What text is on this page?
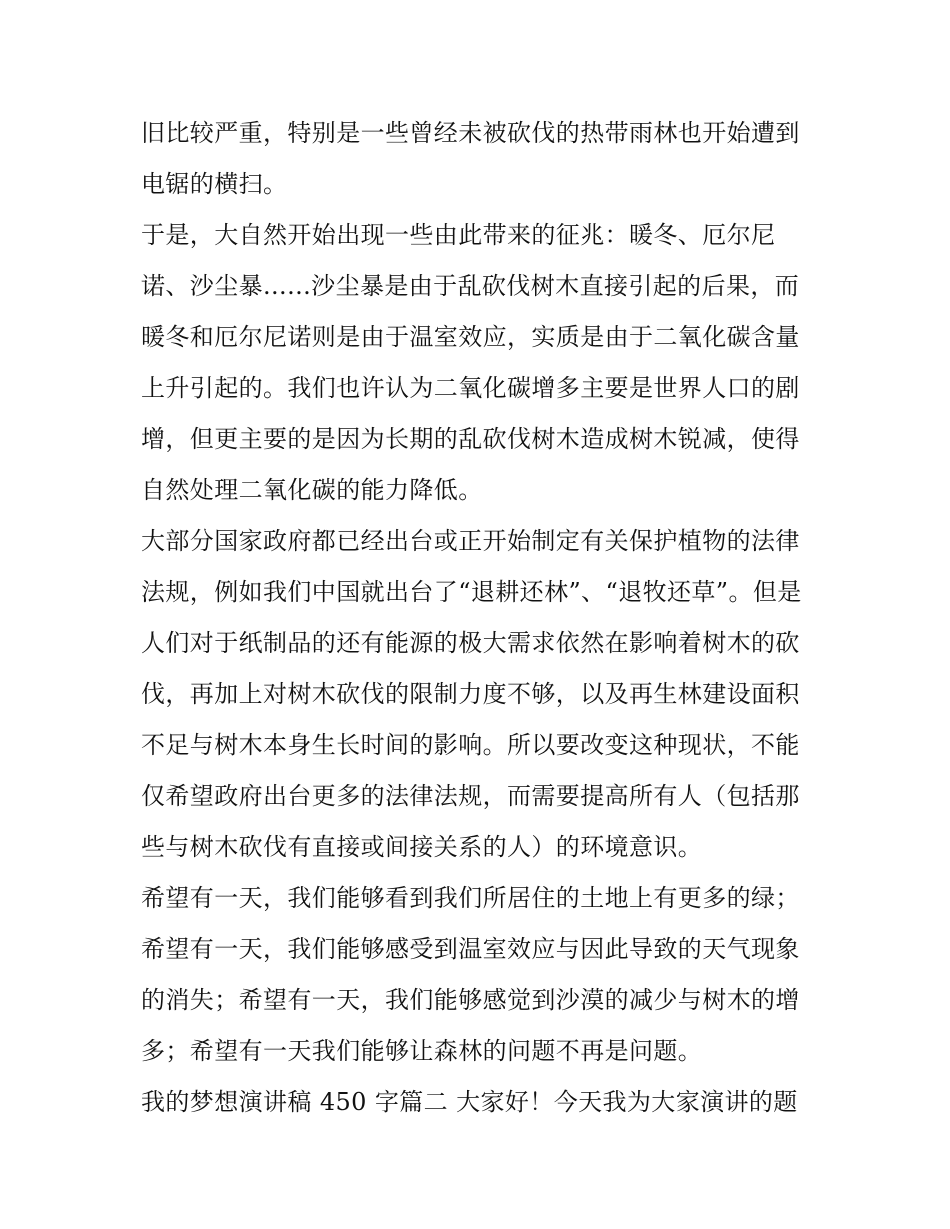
旧比较严重，特别是一些曾经未被砍伐的热带雨林也开始遭到
电锯的横扫。
于是，大自然开始出现一些由此带来的征兆：暖冬、厄尔尼
诺、沙尘暴......沙尘暴是由于乱砍伐树木直接引起的后果，而
暖冬和厄尔尼诺则是由于温室效应，实质是由于二氧化碳含量
上升引起的。我们也许认为二氧化碳增多主要是世界人口的剧
增，但更主要的是因为长期的乱砍伐树木造成树木锐减，使得
自然处理二氧化碳的能力降低。
大部分国家政府都已经出台或正开始制定有关保护植物的法律
法规，例如我们中国就出台了“退耕还林”、“退牧还草”。但是
人们对于纸制品的还有能源的极大需求依然在影响着树木的砍
伐，再加上对树木砍伐的限制力度不够，以及再生林建设面积
不足与树木本身生长时间的影响。所以要改变这种现状，不能
仅希望政府出台更多的法律法规，而需要提高所有人（包括那
些与树木砍伐有直接或间接关系的人）的环境意识。
希望有一天，我们能够看到我们所居住的土地上有更多的绿；
希望有一天，我们能够感受到温室效应与因此导致的天气现象
的消失；希望有一天，我们能够感觉到沙漠的减少与树木的增
多；希望有一天我们能够让森林的问题不再是问题。
我的梦想演讲稿 450 字篇二 大家好！今天我为大家演讲的题
